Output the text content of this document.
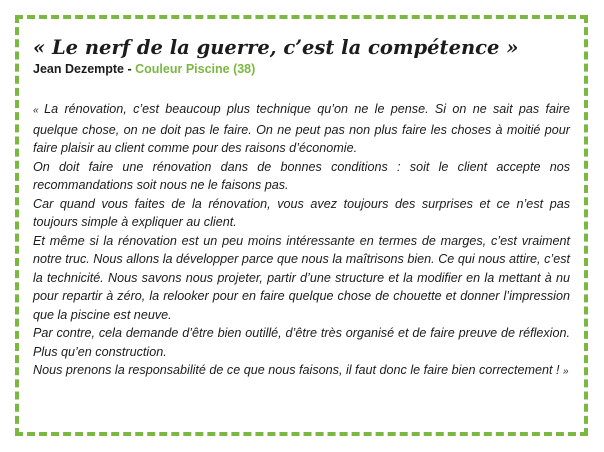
« Le nerf de la guerre, c’est la compétence »
Jean Dezempte - Couleur Piscine (38)

« La rénovation, c’est beaucoup plus technique qu’on ne le pense. Si on ne sait pas faire quelque chose, on ne doit pas le faire. On ne peut pas non plus faire les choses à moitié pour faire plaisir au client comme pour des raisons d’économie.

On doit faire une rénovation dans de bonnes conditions : soit le client accepte nos recommandations soit nous ne le faisons pas.

Car quand vous faites de la rénovation, vous avez toujours des surprises et ce n’est pas toujours simple à expliquer au client.

Et même si la rénovation est un peu moins intéressante en termes de marges, c’est vraiment notre truc. Nous allons la développer parce que nous la maîtrisons bien. Ce qui nous attire, c’est la technicité. Nous savons nous projeter, partir d’une structure et la modifier en la mettant à nu pour repartir à zéro, la relooker pour en faire quelque chose de chouette et donner l’impression que la piscine est neuve.

Par contre, cela demande d’être bien outillé, d’être très organisé et de faire preuve de réflexion. Plus qu’en construction.

Nous prenons la responsabilité de ce que nous faisons, il faut donc le faire bien correctement ! »
